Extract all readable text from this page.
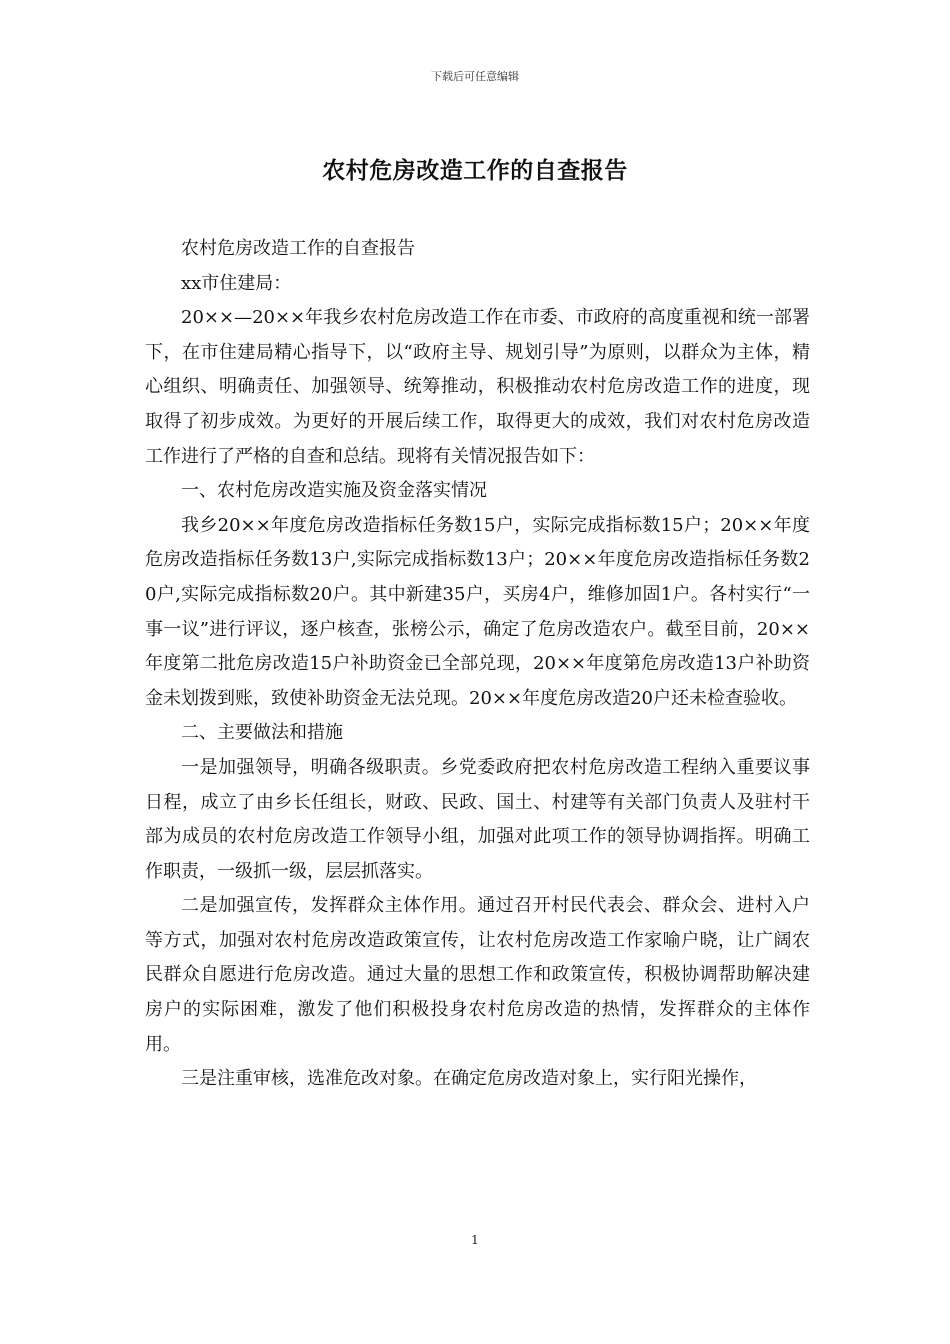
下载后可任意编辑
农村危房改造工作的自查报告

农村危房改造工作的自查报告

xx市住建局：

20××—20××年我乡农村危房改造工作在市委、市政府的高度重视和统一部署下，在市住建局精心指导下，以“政府主导、规划引导”为原则，以群众为主体，精心组织、明确责任、加强领导、统筹推动，积极推动农村危房改造工作的进度，现取得了初步成效。为更好的开展后续工作，取得更大的成效，我们对农村危房改造工作进行了严格的自查和总结。现将有关情况报告如下：

一、农村危房改造实施及资金落实情况

我乡20××年度危房改造指标任务数15户，实际完成指标数15户；20××年度危房改造指标任务数13户,实际完成指标数13户；20××年度危房改造指标任务数20户,实际完成指标数20户。其中新建35户，买房4户，维修加固1户。各村实行“一事一议”进行评议，逐户核查，张榜公示，确定了危房改造农户。截至目前，20××年度第二批危房改造15户补助资金已全部兑现，20××年度第危房改造13户补助资金未划拨到账，致使补助资金无法兑现。20××年度危房改造20户还未检查验收。

二、主要做法和措施

一是加强领导，明确各级职责。乡党委政府把农村危房改造工程纳入重要议事日程，成立了由乡长任组长，财政、民政、国土、村建等有关部门负责人及驻村干部为成员的农村危房改造工作领导小组，加强对此项工作的领导协调指挥。明确工作职责，一级抓一级，层层抓落实。

二是加强宣传，发挥群众主体作用。通过召开村民代表会、群众会、进村入户等方式，加强对农村危房改造政策宣传，让农村危房改造工作家喻户晓，让广阔农民群众自愿进行危房改造。通过大量的思想工作和政策宣传，积极协调帮助解决建房户的实际困难，激发了他们积极投身农村危房改造的热情，发挥群众的主体作用。

三是注重审核，选准危改对象。在确定危房改造对象上，实行阳光操作，

1
